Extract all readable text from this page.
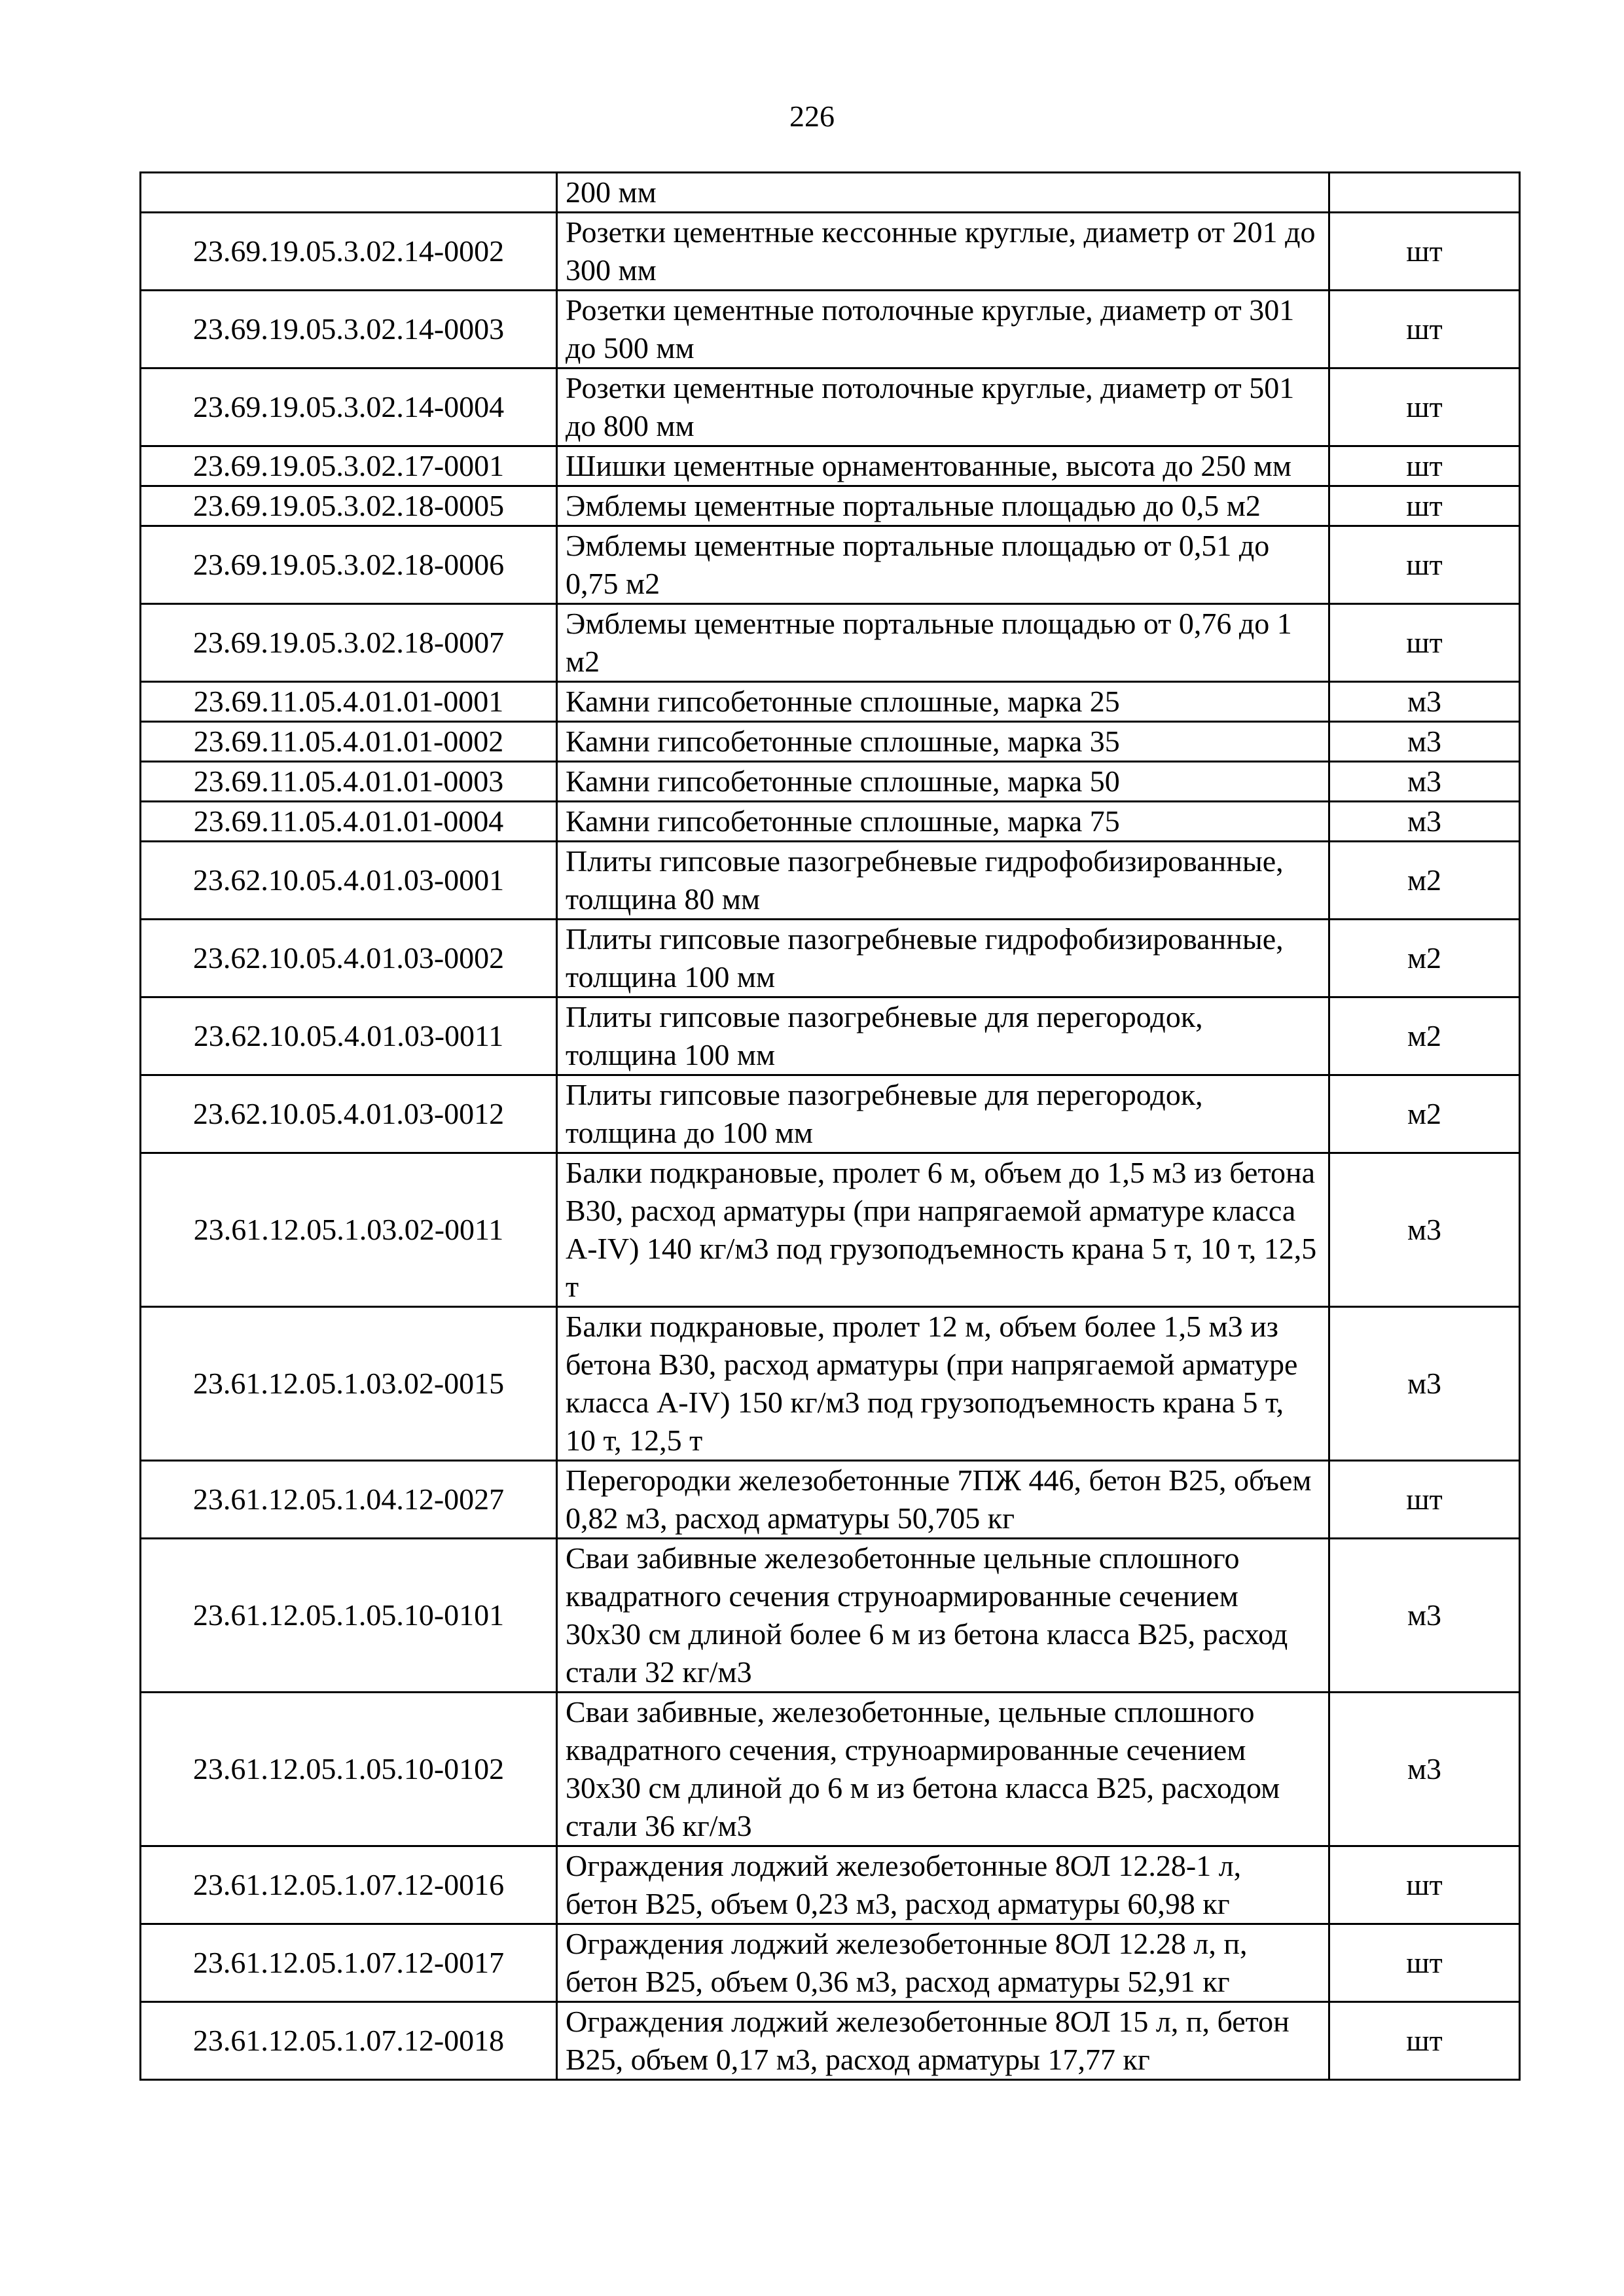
226
	200 мм	
23.69.19.05.3.02.14-0002	Розетки цементные кессонные круглые, диаметр от 201 до 300 мм	шт
23.69.19.05.3.02.14-0003	Розетки цементные потолочные круглые, диаметр от 301 до 500 мм	шт
23.69.19.05.3.02.14-0004	Розетки цементные потолочные круглые, диаметр от 501 до 800 мм	шт
23.69.19.05.3.02.17-0001	Шишки цементные орнаментованные, высота до 250 мм	шт
23.69.19.05.3.02.18-0005	Эмблемы цементные портальные площадью до 0,5 м2	шт
23.69.19.05.3.02.18-0006	Эмблемы цементные портальные площадью от 0,51 до 0,75 м2	шт
23.69.19.05.3.02.18-0007	Эмблемы цементные портальные площадью от 0,76 до 1 м2	шт
23.69.11.05.4.01.01-0001	Камни гипсобетонные сплошные, марка 25	м3
23.69.11.05.4.01.01-0002	Камни гипсобетонные сплошные, марка 35	м3
23.69.11.05.4.01.01-0003	Камни гипсобетонные сплошные, марка 50	м3
23.69.11.05.4.01.01-0004	Камни гипсобетонные сплошные, марка 75	м3
23.62.10.05.4.01.03-0001	Плиты гипсовые пазогребневые гидрофобизированные, толщина 80 мм	м2
23.62.10.05.4.01.03-0002	Плиты гипсовые пазогребневые гидрофобизированные, толщина 100 мм	м2
23.62.10.05.4.01.03-0011	Плиты гипсовые пазогребневые для перегородок, толщина 100 мм	м2
23.62.10.05.4.01.03-0012	Плиты гипсовые пазогребневые для перегородок, толщина до 100 мм	м2
23.61.12.05.1.03.02-0011	Балки подкрановые, пролет 6 м, объем до 1,5 м3 из бетона В30, расход арматуры (при напрягаемой арматуре класса А-IV) 140 кг/м3 под грузоподъемность крана 5 т, 10 т, 12,5 т	м3
23.61.12.05.1.03.02-0015	Балки подкрановые, пролет 12 м, объем более 1,5 м3 из бетона В30, расход арматуры (при напрягаемой арматуре класса А-IV) 150 кг/м3 под грузоподъемность крана 5 т, 10 т, 12,5 т	м3
23.61.12.05.1.04.12-0027	Перегородки железобетонные 7ПЖ 446, бетон В25, объем 0,82 м3, расход арматуры 50,705 кг	шт
23.61.12.05.1.05.10-0101	Сваи забивные железобетонные цельные сплошного квадратного сечения струноармированные сечением 30х30 см длиной более 6 м из бетона класса В25, расход стали 32 кг/м3	м3
23.61.12.05.1.05.10-0102	Сваи забивные, железобетонные, цельные сплошного квадратного сечения, струноармированные сечением 30х30 см длиной до 6 м из бетона класса В25, расходом стали 36 кг/м3	м3
23.61.12.05.1.07.12-0016	Ограждения лоджий железобетонные 8ОЛ 12.28-1 л, бетон В25, объем 0,23 м3, расход арматуры 60,98 кг	шт
23.61.12.05.1.07.12-0017	Ограждения лоджий железобетонные 8ОЛ 12.28 л, п, бетон В25, объем 0,36 м3, расход арматуры 52,91 кг	шт
23.61.12.05.1.07.12-0018	Ограждения лоджий железобетонные 8ОЛ 15 л, п, бетон В25, объем 0,17 м3, расход арматуры 17,77 кг	шт
